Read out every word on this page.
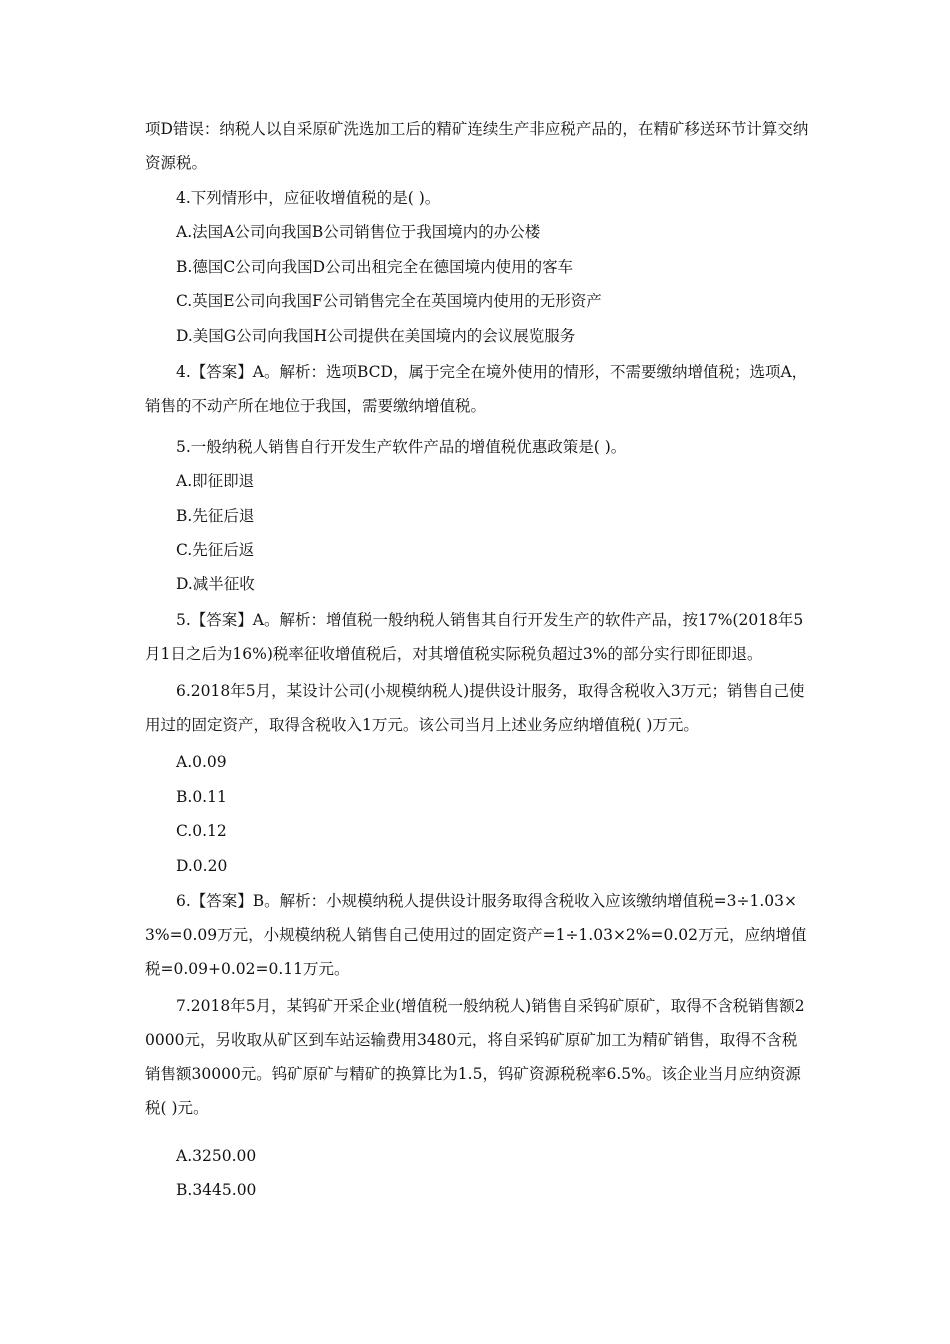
项D错误：纳税人以自采原矿洗选加工后的精矿连续生产非应税产品的，在精矿移送环节计算交纳资源税。

4.下列情形中，应征收增值税的是( )。

A.法国A公司向我国B公司销售位于我国境内的办公楼

B.德国C公司向我国D公司出租完全在德国境内使用的客车

C.英国E公司向我国F公司销售完全在英国境内使用的无形资产

D.美国G公司向我国H公司提供在美国境内的会议展览服务

4.【答案】A。解析：选项BCD，属于完全在境外使用的情形，不需要缴纳增值税；选项A，销售的不动产所在地位于我国，需要缴纳增值税。

5.一般纳税人销售自行开发生产软件产品的增值税优惠政策是( )。

A.即征即退

B.先征后退

C.先征后返

D.减半征收

5.【答案】A。解析：增值税一般纳税人销售其自行开发生产的软件产品，按17%(2018年5月1日之后为16%)税率征收增值税后，对其增值税实际税负超过3%的部分实行即征即退。

6.2018年5月，某设计公司(小规模纳税人)提供设计服务，取得含税收入3万元；销售自己使用过的固定资产，取得含税收入1万元。该公司当月上述业务应纳增值税( )万元。

A.0.09

B.0.11

C.0.12

D.0.20

6.【答案】B。解析：小规模纳税人提供设计服务取得含税收入应该缴纳增值税=3÷1.03×3%=0.09万元，小规模纳税人销售自己使用过的固定资产=1÷1.03×2%=0.02万元，应纳增值税=0.09+0.02=0.11万元。

7.2018年5月，某钨矿开采企业(增值税一般纳税人)销售自采钨矿原矿，取得不含税销售额20000元，另收取从矿区到车站运输费用3480元，将自采钨矿原矿加工为精矿销售，取得不含税销售额30000元。钨矿原矿与精矿的换算比为1.5，钨矿资源税税率6.5%。该企业当月应纳资源税( )元。

A.3250.00

B.3445.00
